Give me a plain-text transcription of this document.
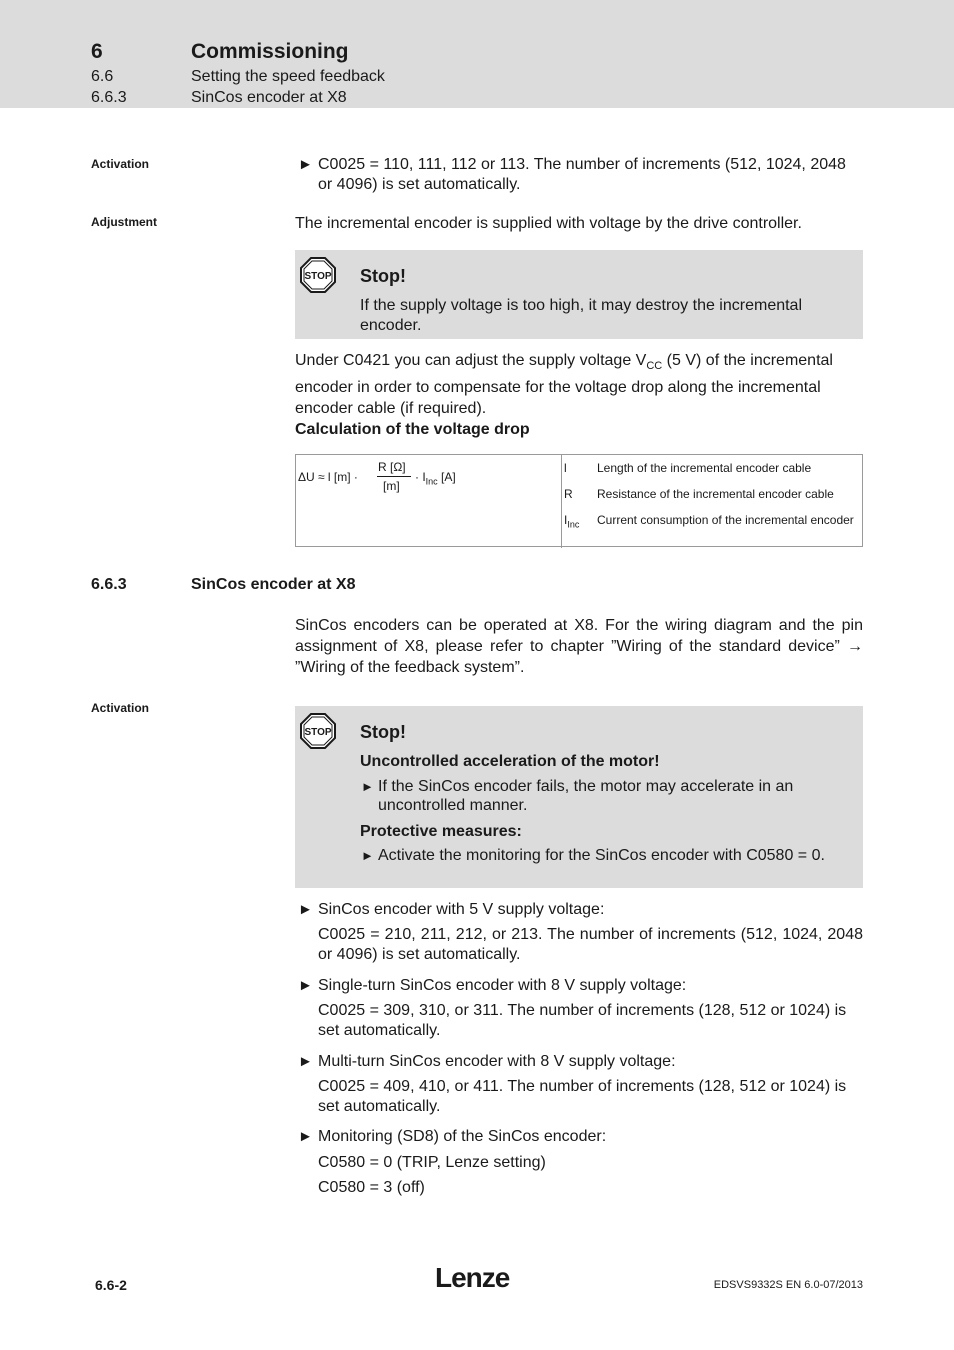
6	Commissioning
6.6	Setting the speed feedback
6.6.3	SinCos encoder at X8
Activation	► C0025 = 110, 111, 112 or 113. The number of increments (512, 1024, 2048 or 4096) is set automatically.
Adjustment	The incremental encoder is supplied with voltage by the drive controller.
STOP Stop!
If the supply voltage is too high, it may destroy the incremental encoder.
Under C0421 you can adjust the supply voltage $V_{CC}$ (5 V) of the incremental encoder in order to compensate for the voltage drop along the incremental encoder cable (if required).
Calculation of the voltage drop
ΔU ≈ l [m] ·
R [Ω]
[m]
· $I_{Inc}$ [A]
l	Length of the incremental encoder cable
R Resistance of the incremental encoder cable
$I_{Inc}$ Current consumption of the incremental encoder
6.6.3	SinCos encoder at X8
SinCos encoders can be operated at X8. For the wiring diagram and the pin assignment of X8, please refer to chapter ”Wiring of the standard device” → ”Wiring of the feedback system”.
Activation
STOP Stop!
Uncontrolled acceleration of the motor!
► If the SinCos encoder fails, the motor may accelerate in an uncontrolled manner.
Protective measures:
► Activate the monitoring for the SinCos encoder with C0580 = 0.
► SinCos encoder with 5 V supply voltage:
C0025 = 210, 211, 212, or 213. The number of increments (512, 1024, 2048 or 4096) is set automatically.
► Single-turn SinCos encoder with 8 V supply voltage:
C0025 = 309, 310, or 311. The number of increments (128, 512 or 1024) is set automatically.
► Multi-turn SinCos encoder with 8 V supply voltage:
C0025 = 409, 410, or 411. The number of increments (128, 512 or 1024) is set automatically.
► Monitoring (SD8) of the SinCos encoder:
C0580 = 0 (TRIP, Lenze setting)
C0580 = 3 (off)
6.6-2	Lenze	EDSVS9332S EN 6.0-07/2013
